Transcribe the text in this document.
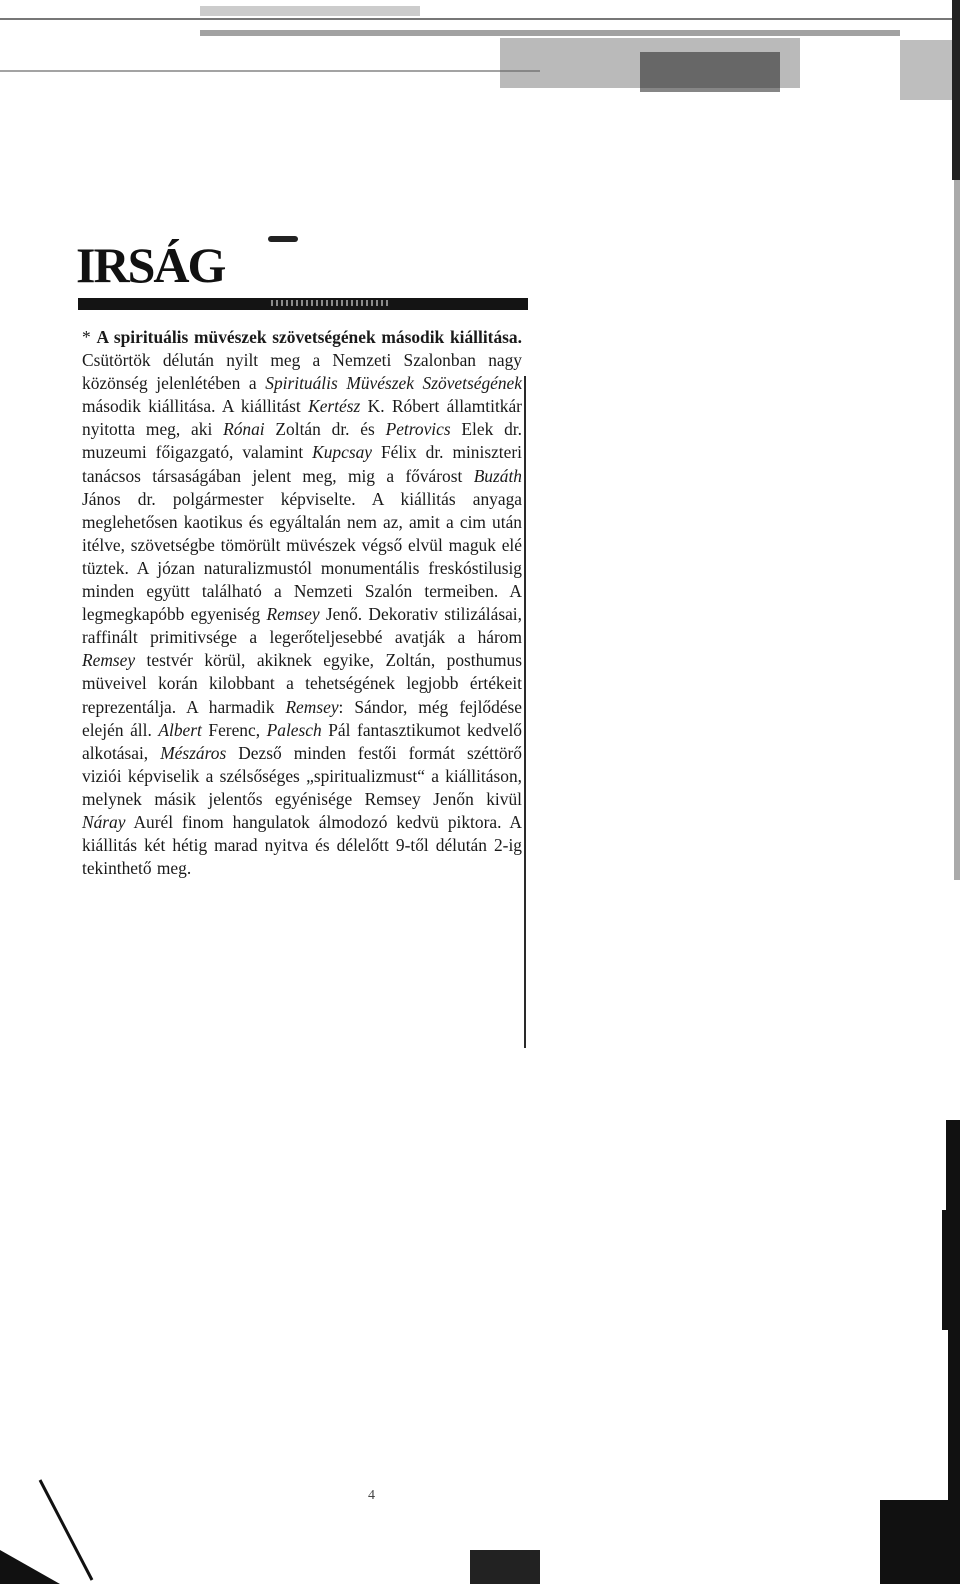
IRSÁG
* A spirituális müvészek szövetségének második kiállitása. Csütörtök délután nyilt meg a Nemzeti Szalonban nagy közönség jelenlétében a Spirituális Müvészek Szövetségének második kiállitása. A kiállitást Kertész K. Róbert államtitkár nyitotta meg, aki Rónai Zoltán dr. és Petrovics Elek dr. muzeumi főigazgató, valamint Kupcsay Félix dr. miniszteri tanácsos társaságában jelent meg, mig a fővárost Buzáth János dr. polgármester képviselte. A kiállitás anyaga meglehetősen kaotikus és egyáltalán nem az, amit a cim után itélve, szövetségbe tömörült müvészek végső elvül maguk elé tüztek. A józan naturalizmustól monumentális freskóstilusig minden együtt található a Nemzeti Szalón termeiben. A legmegkapóbb egyeniség Remsey Jenő. Dekorativ stilizálásai, raffinált primitivsége a legerőteljesebbé avatják a három Remsey testvér körül, akiknek egyike, Zoltán, posthumus müveivel korán kilobbant a tehetségének legjobb értékeit reprezentálja. A harmadik Remsey: Sándor, még fejlődése elején áll. Albert Ferenc, Palesch Pál fantasztikumot kedvelő alkotásai, Mészáros Dezső minden festői formát széttörő viziói képviselik a szélsőséges „spiritualizmust“ a kiállitáson, melynek másik jelentős egyénisége Remsey Jenőn kivül Náray Aurél finom hangulatok álmodozó kedvü piktora. A kiállitás két hétig marad nyitva és délelőtt 9-től délután 2-ig tekinthető meg.
4
